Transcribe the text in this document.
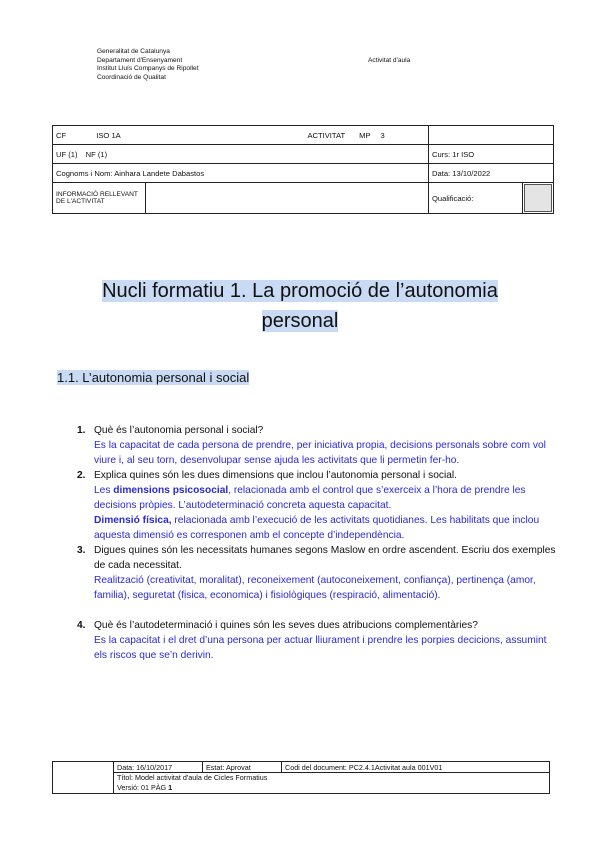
Generalitat de Catalunya
Departament d'Ensenyament
Institut Lluís Companys de Ripollet
Coordinació de Qualitat
Activitat d'aula
CF ISO 1A ACTIVITAT MP 3			
UF (1) NF (1)		Curs: 1r ISO	
Cognoms i Nom: Ainhara Landete Dabastos		Data: 13/10/2022	
INFORMACIÓ RELLEVANT DE L'ACTIVITAT		Qualificació:	
Nucli formatiu 1. La promoció de l’autonomia
personal
1.1. L’autonomia personal i social
1. Què és l’autonomia personal i social?
Es la capacitat de cada persona de prendre, per iniciativa propia, decisions personals sobre com vol viure i, al seu torn, desenvolupar sense ajuda les activitats que li permetin fer-ho.
2. Explica quines són les dues dimensions que inclou l’autonomia personal i social.
Les dimensions psicosocial, relacionada amb el control que s’exerceix a l’hora de prendre les decisions pròpies. L’autodeterminació concreta aquesta capacitat.
Dimensió física, relacionada amb l’execució de les activitats quotidianes. Les habilitats que inclou aquesta dimensió es corresponen amb el concepte d’independència.
3. Digues quines són les necessitats humanes segons Maslow en ordre ascendent. Escriu dos exemples de cada necessitat.
Realització (creativitat, moralitat), reconeixement (autoconeixement, confiança), pertinença (amor, familia), seguretat (fisica, economica) i fisiològiques (respiració, alimentació).
4. Què és l’autodeterminació i quines són les seves dues atribucions complementàries?
Es la capacitat i el dret d’una persona per actuar lliurament i prendre les porpies decicions, assumint els riscos que se’n derivin.
	Data: 16/10/2017	Estat: Aprovat	Codi del document: PC2.4.1Activitat aula 001V01

Títol: Model activitat d'aula de Cicles Formatius
Versió: 01 PÀG 1
